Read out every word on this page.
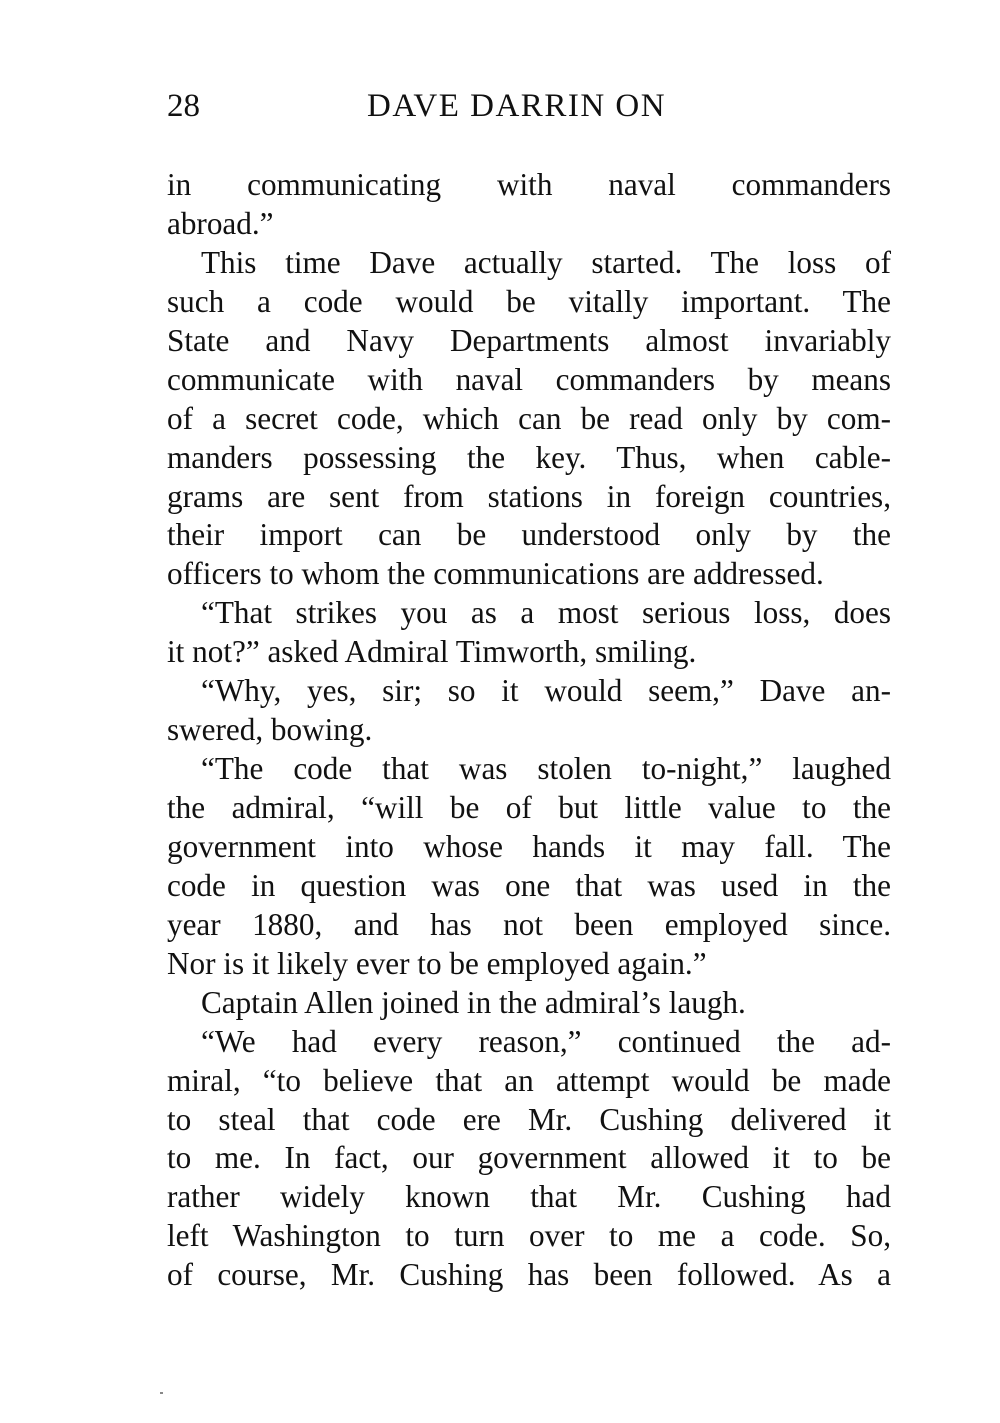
28	DAVE DARRIN ON
in communicating with naval commanders
abroad.”
This time Dave actually started. The loss of
such a code would be vitally important. The
State and Navy Departments almost invariably
communicate with naval commanders by means
of a secret code, which can be read only by com-
manders possessing the key. Thus, when cable-
grams are sent from stations in foreign countries,
their import can be understood only by the
officers to whom the communications are addressed.
“That strikes you as a most serious loss, does
it not?” asked Admiral Timworth, smiling.
“Why, yes, sir; so it would seem,” Dave an-
swered, bowing.
“The code that was stolen to-night,” laughed
the admiral, “will be of but little value to the
government into whose hands it may fall. The
code in question was one that was used in the
year 1880, and has not been employed since.
Nor is it likely ever to be employed again.”
Captain Allen joined in the admiral’s laugh.
“We had every reason,” continued the ad-
miral, “to believe that an attempt would be made
to steal that code ere Mr. Cushing delivered it
to me. In fact, our government allowed it to be
rather widely known that Mr. Cushing had
left Washington to turn over to me a code. So,
of course, Mr. Cushing has been followed. As a
